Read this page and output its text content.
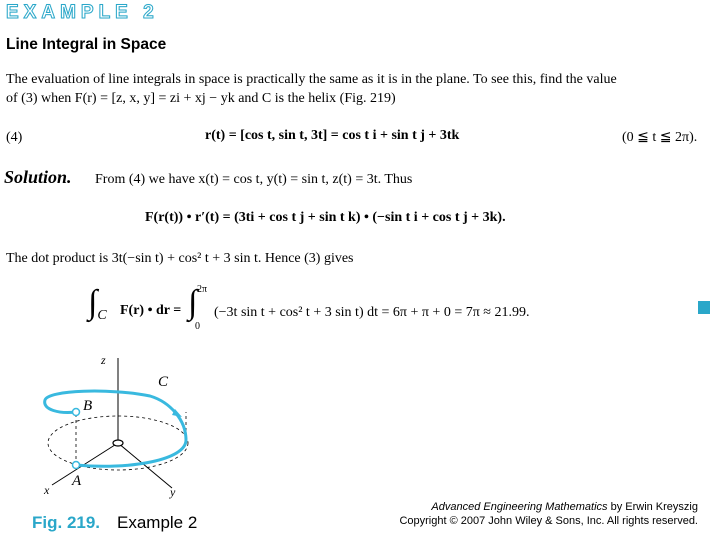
EXAMPLE 2
Line Integral in Space
The evaluation of line integrals in space is practically the same as it is in the plane. To see this, find the value
of (3) when F(r) = [z, x, y] = zi + xj − yk and C is the helix (Fig. 219)
(4)	r(t) = [cos t, sin t, 3t] = cos t i + sin t j + 3tk	(0 ≦ t ≦ 2π).
Solution. From (4) we have x(t) = cos t, y(t) = sin t, z(t) = 3t. Thus
F(r(t)) • r′(t) = (3ti + cos t j + sin t k) • (−sin t i + cos t j + 3k).
The dot product is 3t(−sin t) + cos² t + 3 sin t. Hence (3) gives
∫C F(r) • dr = ∫ 2π
0
(−3t sin t + cos² t + 3 sin t) dt = 6π + π + 0 = 7π ≈ 21.99.
z
x	y
A
B
C
Fig. 219. Example 2
Advanced Engineering Mathematics by Erwin Kreyszig
Copyright © 2007 John Wiley & Sons, Inc. All rights reserved.
